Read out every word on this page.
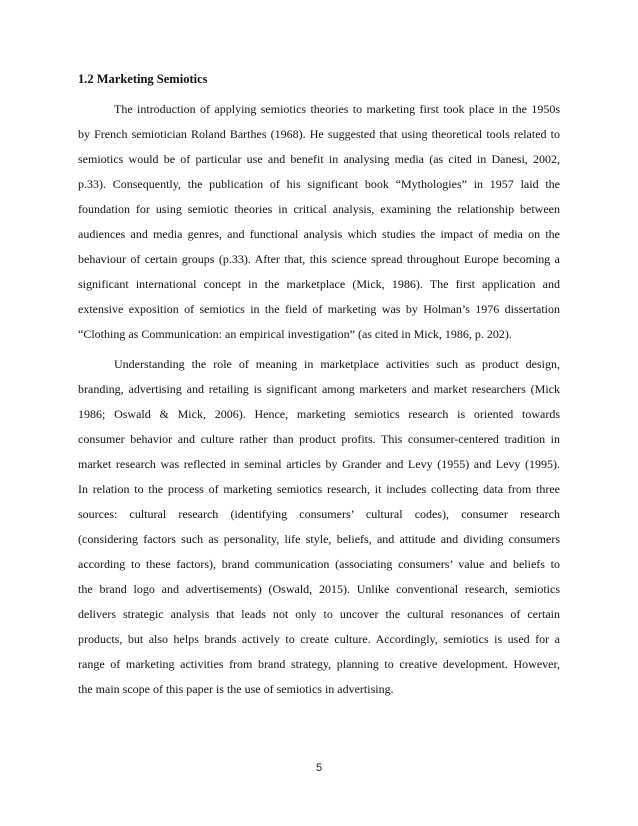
1.2 Marketing Semiotics
The introduction of applying semiotics theories to marketing first took place in the 1950s
by French semiotician Roland Barthes (1968). He suggested that using theoretical tools related to
semiotics would be of particular use and benefit in analysing media (as cited in Danesi, 2002,
p.33). Consequently, the publication of his significant book “Mythologies” in 1957 laid the
foundation for using semiotic theories in critical analysis, examining the relationship between
audiences and media genres, and functional analysis which studies the impact of media on the
behaviour of certain groups (p.33). After that, this science spread throughout Europe becoming a
significant international concept in the marketplace (Mick, 1986). The first application and
extensive exposition of semiotics in the field of marketing was by Holman’s 1976 dissertation
“Clothing as Communication: an empirical investigation” (as cited in Mick, 1986, p. 202).
Understanding the role of meaning in marketplace activities such as product design,
branding, advertising and retailing is significant among marketers and market researchers (Mick
1986; Oswald & Mick, 2006). Hence, marketing semiotics research is oriented towards
consumer behavior and culture rather than product profits. This consumer-centered tradition in
market research was reflected in seminal articles by Grander and Levy (1955) and Levy (1995).
In relation to the process of marketing semiotics research, it includes collecting data from three
sources: cultural research (identifying consumers’ cultural codes), consumer research
(considering factors such as personality, life style, beliefs, and attitude and dividing consumers
according to these factors), brand communication (associating consumers’ value and beliefs to
the brand logo and advertisements) (Oswald, 2015). Unlike conventional research, semiotics
delivers strategic analysis that leads not only to uncover the cultural resonances of certain
products, but also helps brands actively to create culture. Accordingly, semiotics is used for a
range of marketing activities from brand strategy, planning to creative development. However,
the main scope of this paper is the use of semiotics in advertising.
5
